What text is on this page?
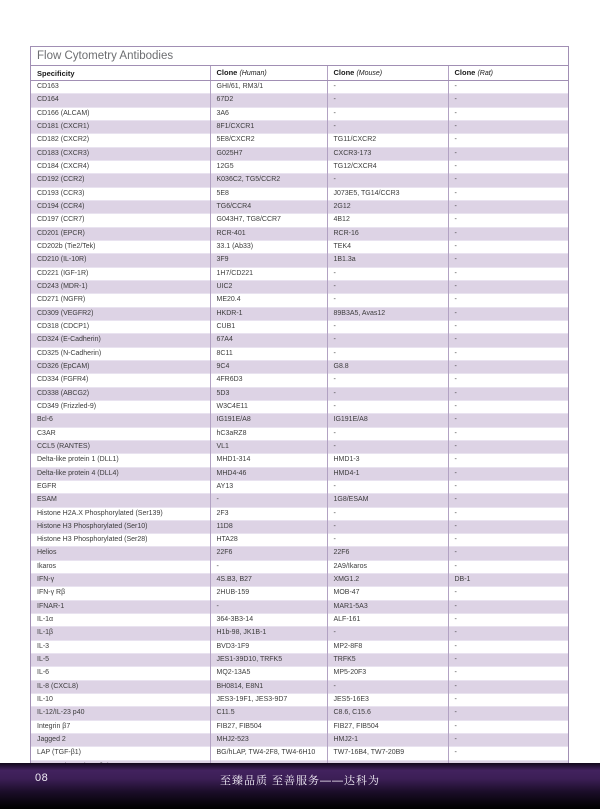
Flow Cytometry Antibodies
Specificity	Clone (Human)	Clone (Mouse)	Clone (Rat)
CD163	GHI/61, RM3/1	-	-
CD164	67D2	-	-
CD166 (ALCAM)	3A6	-	-
CD181 (CXCR1)	8F1/CXCR1	-	-
CD182 (CXCR2)	5E8/CXCR2	TG11/CXCR2	-
CD183 (CXCR3)	G025H7	CXCR3-173	-
CD184 (CXCR4)	12G5	TG12/CXCR4	-
CD192 (CCR2)	K036C2, TG5/CCR2	-	-
CD193 (CCR3)	5E8	J073E5, TG14/CCR3	-
CD194 (CCR4)	TG6/CCR4	2G12	-
CD197 (CCR7)	G043H7, TG8/CCR7	4B12	-
CD201 (EPCR)	RCR-401	RCR-16	-
CD202b (Tie2/Tek)	33.1 (Ab33)	TEK4	-
CD210 (IL-10R)	3F9	1B1.3a	-
CD221 (IGF-1R)	1H7/CD221	-	-
CD243 (MDR-1)	UIC2	-	-
CD271 (NGFR)	ME20.4	-	-
CD309 (VEGFR2)	HKDR-1	89B3A5, Avas12	-
CD318 (CDCP1)	CUB1	-	-
CD324 (E-Cadherin)	67A4	-	-
CD325 (N-Cadherin)	8C11	-	-
CD326 (EpCAM)	9C4	G8.8	-
CD334 (FGFR4)	4FR6D3	-	-
CD338 (ABCG2)	5D3	-	-
CD349 (Frizzled-9)	W3C4E11	-	-
Bcl-6	IG191E/A8	IG191E/A8	-
C3AR	hC3aRZ8	-	-
CCL5 (RANTES)	VL1	-	-
Delta-like protein 1 (DLL1)	MHD1-314	HMD1-3	-
Delta-like protein 4 (DLL4)	MHD4-46	HMD4-1	-
EGFR	AY13	-	-
ESAM	-	1G8/ESAM	-
Histone H2A.X Phosphorylated (Ser139)	2F3	-	-
Histone H3 Phosphorylated (Ser10)	11D8	-	-
Histone H3 Phosphorylated (Ser28)	HTA28	-	-
Helios	22F6	22F6	-
Ikaros	-	2A9/Ikaros	-
IFN-γ	4S.B3, B27	XMG1.2	DB-1
IFN-γ Rβ	2HUB-159	MOB-47	-
IFNAR-1	-	MAR1-5A3	-
IL-1α	364-3B3-14	ALF-161	-
IL-1β	H1b-98, JK1B-1	-	-
IL-3	BVD3-1F9	MP2-8F8	-
IL-5	JES1-39D10, TRFK5	TRFK5	-
IL-6	MQ2-13A5	MP5-20F3	-
IL-8 (CXCL8)	BH0814, E8N1	-	-
IL-10	JES3-19F1, JES3-9D7	JES5-16E3	-
IL-12/IL-23 p40	C11.5	C8.6, C15.6	-
Integrin β7	FIB27, FIB504	FIB27, FIB504	-
Jagged 2	MHJ2-523	HMJ2-1	-
LAP (TGF-β1)	BG/hLAP, TW4-2F8, TW4-6H10	TW7-16B4, TW7-20B9	-

08	至臻品质 至善服务——达科为
